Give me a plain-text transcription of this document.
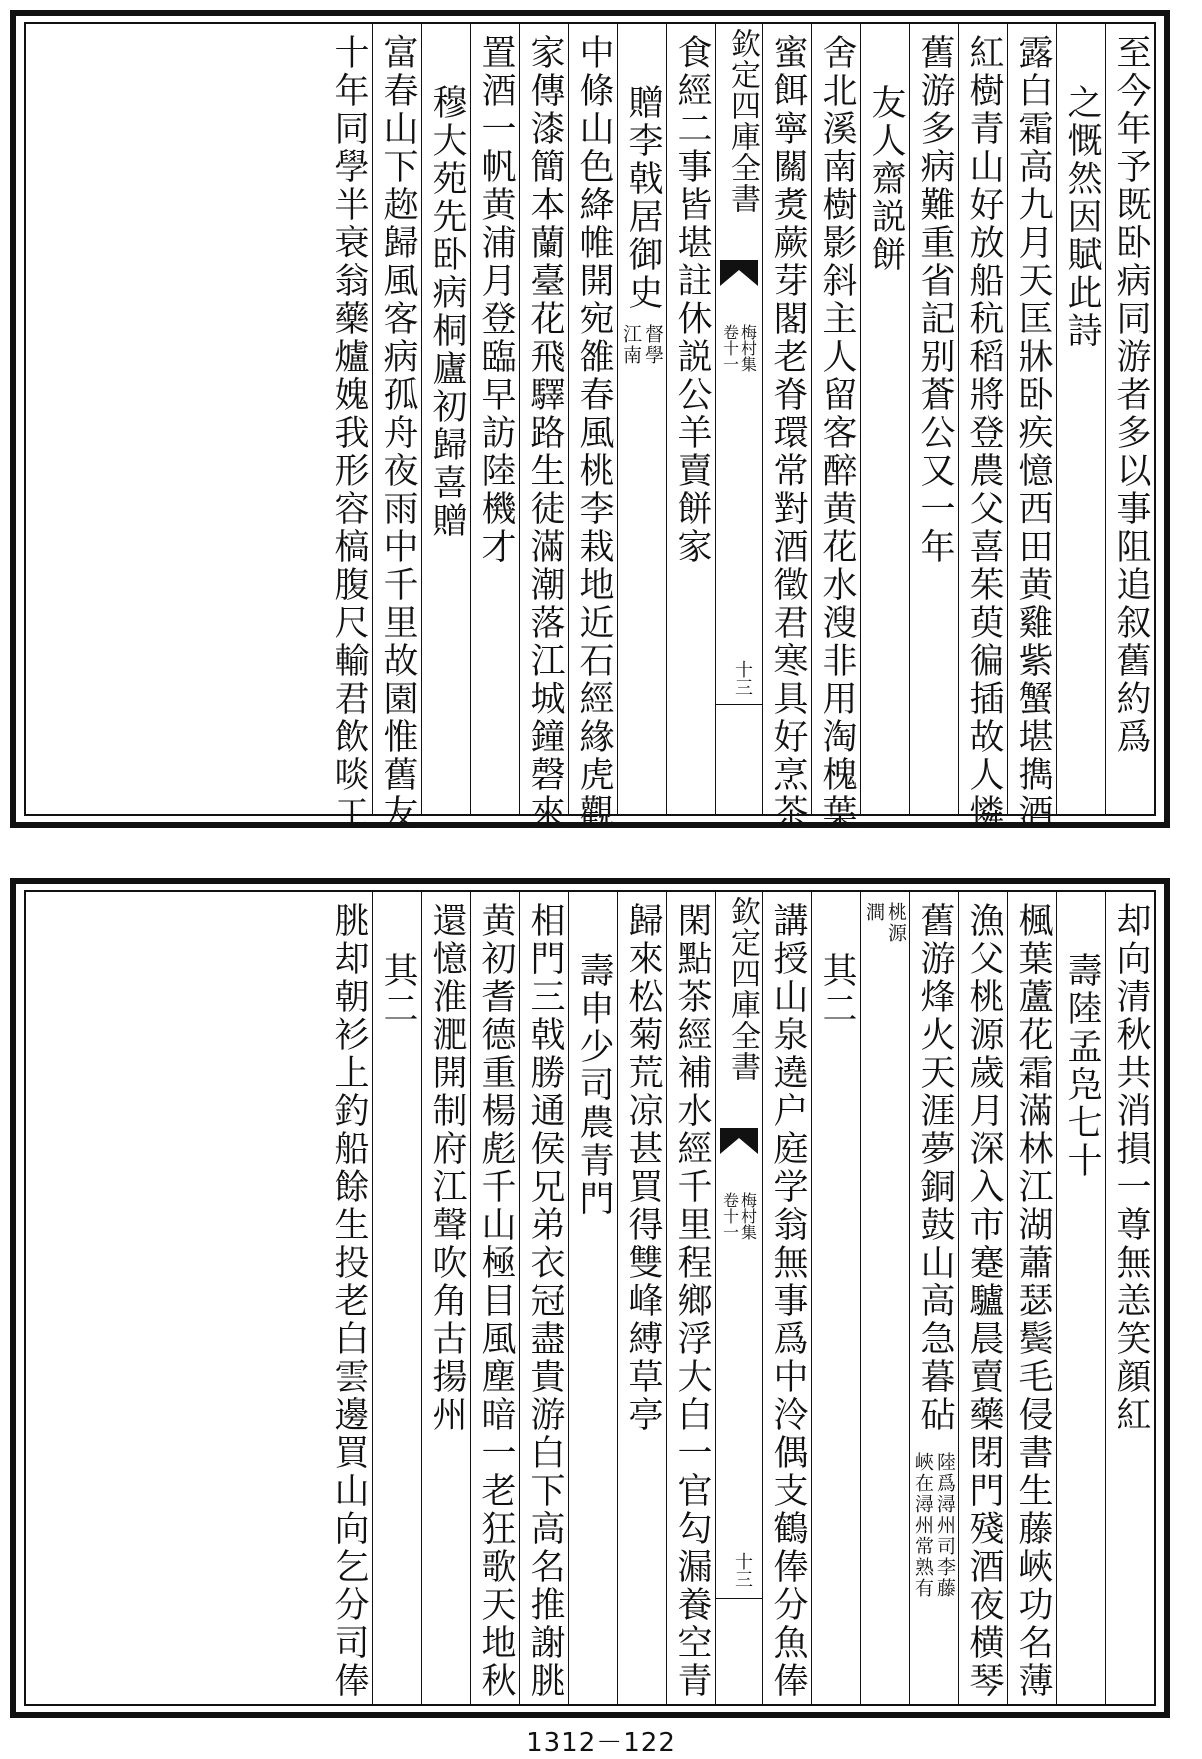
至今年予既卧病同游者多以事阻追叙舊約爲
之慨然因賦此詩
露白霜高九月天匡牀卧疾憶西田黄雞紫蟹堪擕酒
紅樹青山好放船秔稻將登農父喜茱萸徧插故人憐
舊游多病難重省記别蒼公又一年
友人齋説餅
舍北溪南樹影斜主人留客醉黄花水溲非用淘槐葉
蜜餌寧關煑蕨芽閣老脊環常對酒徵君寒具好烹茶
欽定四庫全書
梅村集
卷十一
十三
食經二事皆堪註休説公羊賣餅家
贈李戟居御史
督學
江南
中條山色絳帷開宛雒春風桃李栽地近石經緣虎觀
家傳漆簡本蘭臺花飛驛路生徒滿潮落江城鐘磬來
置酒一帆黄浦月登臨早訪陸機才
穆大苑先卧病桐廬初歸喜贈
富春山下趂歸風客病孤舟夜雨中千里故園惟舊友
十年同學半衰翁藥爐媿我形容槁腹尺輸君飲啖工
却向清秋共消損一尊無恙笑顔紅
壽陸孟凫七十
楓葉蘆花霜滿林江湖蕭瑟鬓毛侵書生藤峽功名薄
漁父桃源歲月深入市蹇驢晨賣藥閉門殘酒夜横琴
舊游烽火天涯夢銅鼓山高急暮砧
陸爲潯州司李藤
峽在潯州常熟有
桃源
澗
其二
講授山泉遶户庭学翁無事爲中泠偶支鶴俸分魚俸
欽定四庫全書
梅村集
卷十一
十三
閑點茶經補水經千里程鄉浮大白一官勾漏養空青
歸來松菊荒凉甚買得雙峰縛草亭
壽申少司農青門
相門三戟勝通侯兄弟衣冠盡貴游白下高名推謝朓
黄初耆德重楊彪千山極目風塵暗一老狂歌天地秋
還憶淮淝開制府江聲吹角古揚州
其二
朓却朝衫上釣船餘生投老白雲邊買山向乞分司俸
1312－122
